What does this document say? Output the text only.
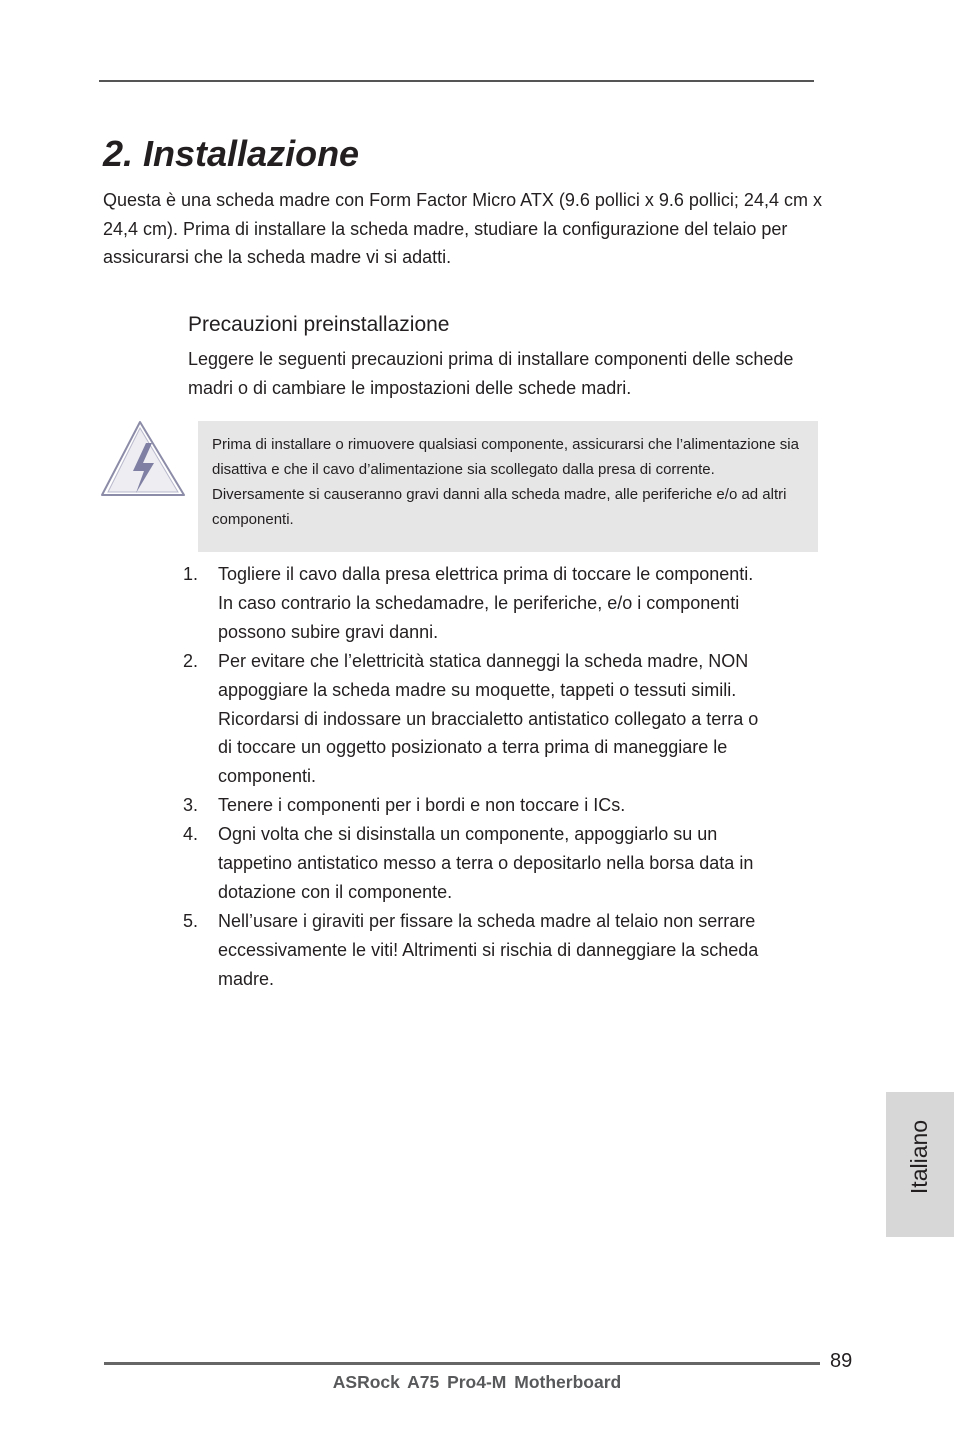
2. Installazione

Questa è una scheda madre con Form Factor Micro ATX (9.6 pollici x 9.6 pollici; 24,4 cm x 24,4 cm). Prima di installare la scheda madre, studiare la configurazione del telaio per assicurarsi che la scheda madre vi si adatti.

Precauzioni preinstallazione

Leggere le seguenti precauzioni prima di installare componenti delle schede madri o di cambiare le impostazioni delle schede madri.

Prima di installare o rimuovere qualsiasi componente, assicurarsi che l’alimentazione sia disattiva e che il cavo d’alimentazione sia scollegato dalla presa di corrente. Diversamente si causeranno gravi danni alla scheda madre, alle periferiche e/o ad altri componenti.

1. Togliere il cavo dalla presa elettrica prima di toccare le componenti. In caso contrario la schedamadre, le periferiche, e/o i componenti possono subire gravi danni.
2. Per evitare che l’elettricità statica danneggi la scheda madre, NON appoggiare la scheda madre su moquette, tappeti o tessuti simili. Ricordarsi di indossare un braccialetto antistatico collegato a terra o di toccare un oggetto posizionato a terra prima di maneggiare le componenti.
3. Tenere i componenti per i bordi e non toccare i ICs.
4. Ogni volta che si disinstalla un componente, appoggiarlo su un tappetino antistatico messo a terra o depositarlo nella borsa data in dotazione con il componente.
5. Nell’usare i giraviti per fissare la scheda madre al telaio non serrare eccessivamente le viti! Altrimenti si rischia di danneggiare la scheda madre.
Italiano
89
ASRock A75 Pro4-M Motherboard
